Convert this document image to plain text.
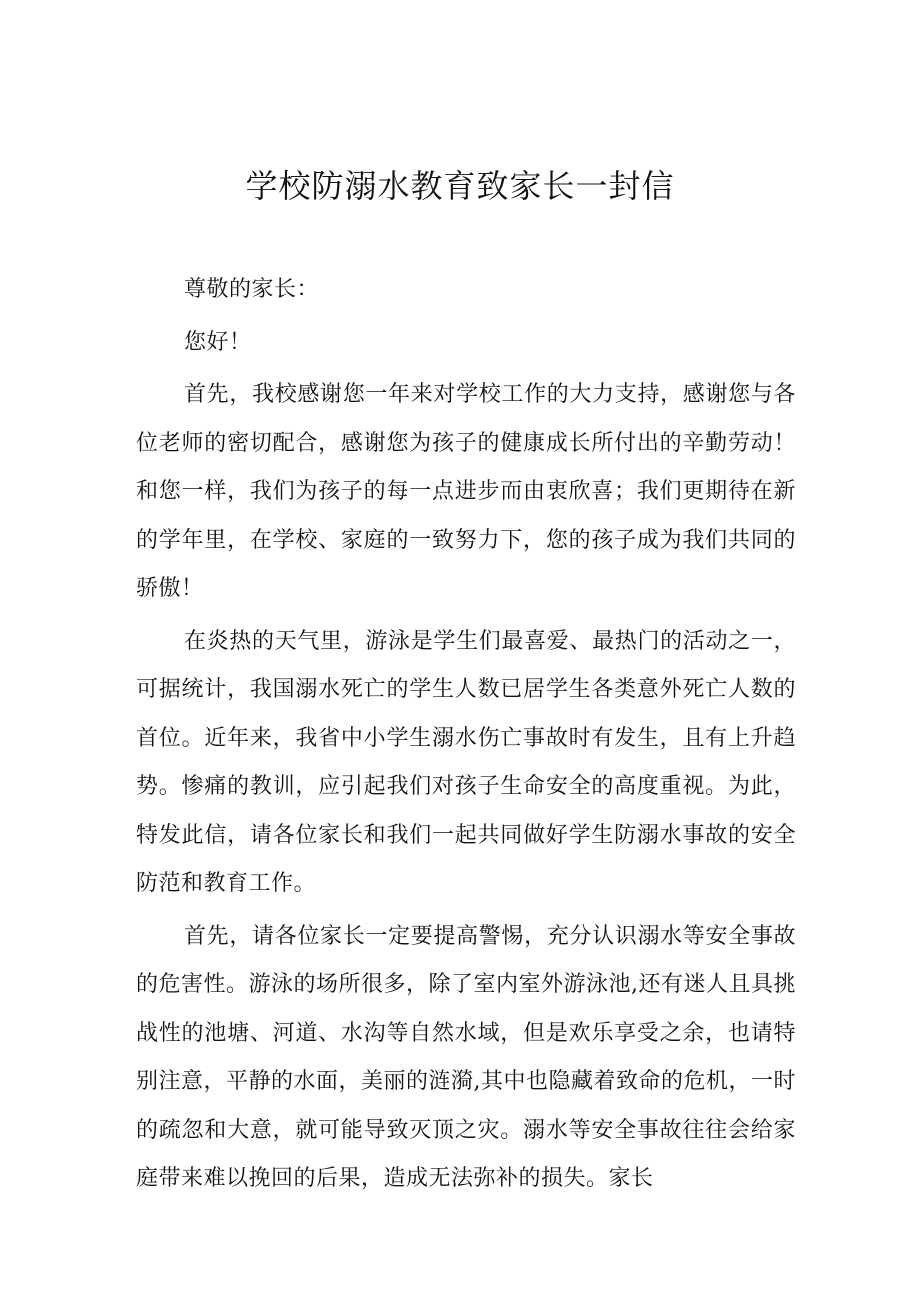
学校防溺水教育致家长一封信

尊敬的家长：

您好！

首先，我校感谢您一年来对学校工作的大力支持，感谢您与各位老师的密切配合，感谢您为孩子的健康成长所付出的辛勤劳动！和您一样，我们为孩子的每一点进步而由衷欣喜；我们更期待在新的学年里，在学校、家庭的一致努力下，您的孩子成为我们共同的骄傲！

在炎热的天气里，游泳是学生们最喜爱、最热门的活动之一，可据统计，我国溺水死亡的学生人数已居学生各类意外死亡人数的首位。近年来，我省中小学生溺水伤亡事故时有发生，且有上升趋势。惨痛的教训，应引起我们对孩子生命安全的高度重视。为此，特发此信，请各位家长和我们一起共同做好学生防溺水事故的安全防范和教育工作。

首先，请各位家长一定要提高警惕，充分认识溺水等安全事故的危害性。游泳的场所很多，除了室内室外游泳池,还有迷人且具挑战性的池塘、河道、水沟等自然水域，但是欢乐享受之余，也请特别注意，平静的水面，美丽的涟漪,其中也隐藏着致命的危机，一时的疏忽和大意，就可能导致灭顶之灾。溺水等安全事故往往会给家庭带来难以挽回的后果，造成无法弥补的损失。家长
